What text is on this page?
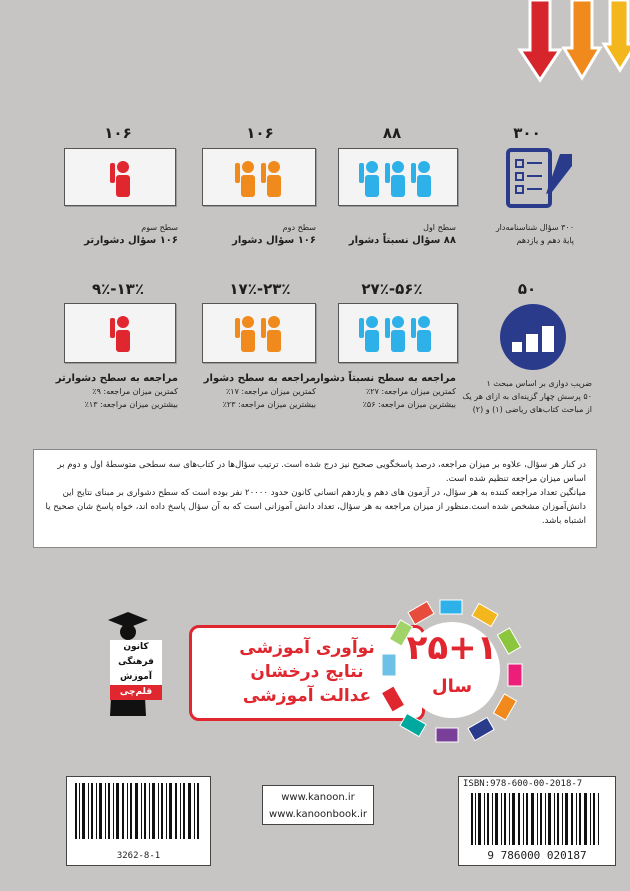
۳۰۰
۸۸
۱۰۶
۱۰۶
۳۰۰ سؤال شناسنامه‌دار
پایهٔ دهم و یازدهم
سطح اول
۸۸ سؤال نسبتاً دشوار
سطح دوم
۱۰۶ سؤال دشوار
سطح سوم
۱۰۶ سؤال دشوارتر
۵۰
۲۷٪-۵۶٪
۱۷٪-۲۳٪
۹٪-۱۳٪
ضریب دوازی بر اساس مبحث ۱
۵۰ پرسش چهار گزینه‌ای به ازای هر یک
از مباحث کتاب‌های ریاضی (۱) و (۲)
مراجعه به سطح نسبتاً دشوار
کمترین میزان مراجعه: ۲۷٪
بیشترین میزان مراجعه: ۵۶٪
مراجعه به سطح دشوار
کمترین میزان مراجعه: ۱۷٪
بیشترین میزان مراجعه: ۲۳٪
مراجعه به سطح دشوارتر
کمترین میزان مراجعه: ۹٪
بیشترین میزان مراجعه: ۱۳٪
در کنار هر سؤال، علاوه بر میزان مراجعه، درصد پاسخگویی صحیح نیز درج شده است. ترتیب سؤال‌ها در کتاب‌های سه سطحی متوسطهٔ اول و دوم بر اساس میزان مراجعه تنظیم شده است.
میانگین تعداد مراجعه کننده به هر سؤال، در آزمون های دهم و یازدهم انسانی کانون حدود ۲۰۰۰۰ نفر بوده است که سطح دشواری بر مبنای نتایج این دانش‌آموزان مشخص شده است.منظور از میزان مراجعه به هر سؤال، تعداد دانش آموزانی است که به آن سؤال پاسخ داده اند، خواه پاسخ شان صحیح یا اشتباه باشد.
کانون
فرهنگی
آموزش
قلم‌چی
نوآوری آموزشی
نتایج درخشان
عدالت آموزشی
۲۵+۱
سال
3262-8-1
www.kanoon.ir
www.kanoonbook.ir
ISBN:978-600-00-2018-7
9 786000 020187
